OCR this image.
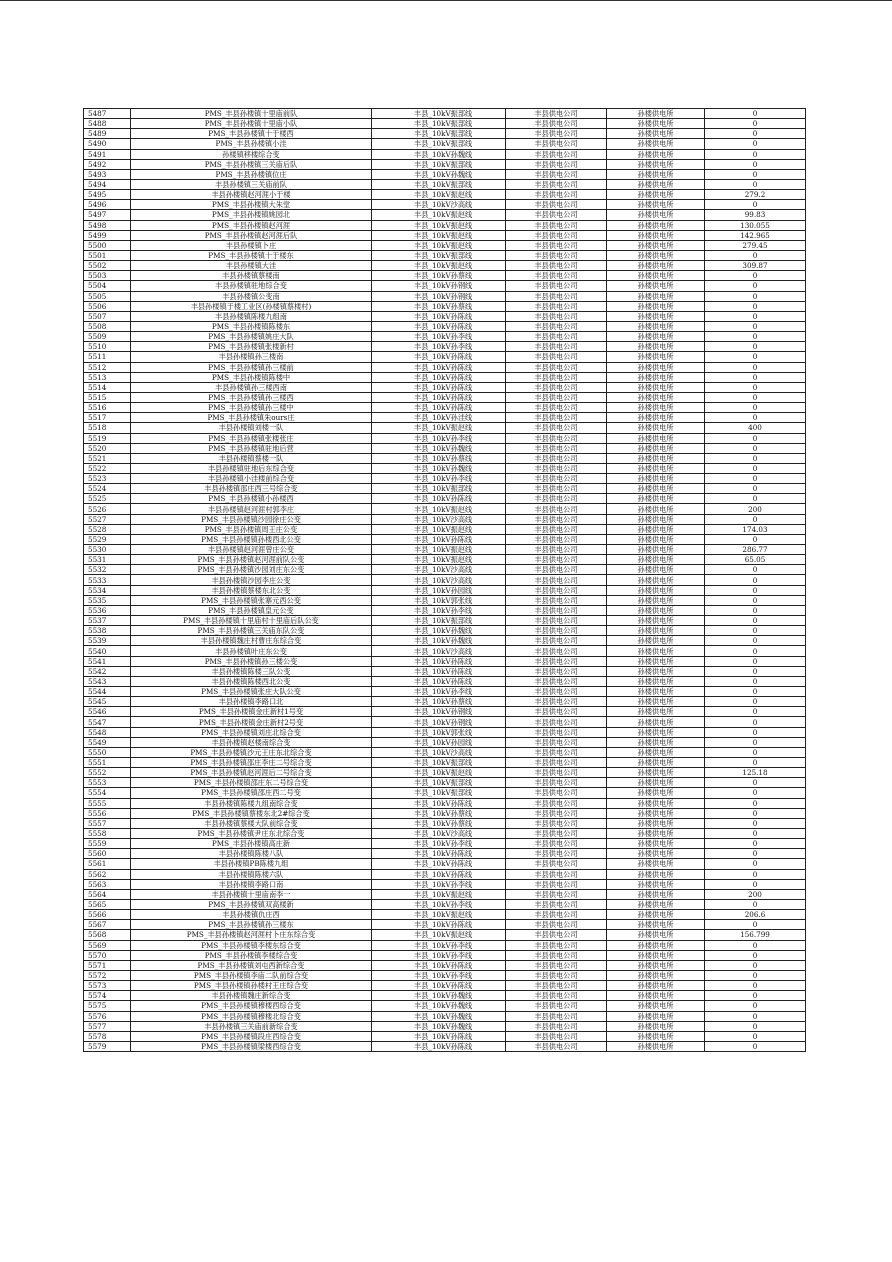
5487	PMS_丰县孙楼镇十里庙前队	丰县_10kV振部线	丰县供电公司	孙楼供电所	0
5488	PMS_丰县孙楼镇十里庙小队	丰县_10kV振部线	丰县供电公司	孙楼供电所	0
5489	PMS_丰县孙楼镇十于楼西	丰县_10kV振部线	丰县供电公司	孙楼供电所	0
5490	PMS_丰县孙楼镇小洼	丰县_10kV振部线	丰县供电公司	孙楼供电所	0
5491	孙楼镇移楼综合变	丰县_10kV孙魏线	丰县供电公司	孙楼供电所	0
5492	PMS_丰县孙楼镇三关庙后队	丰县_10kV振部线	丰县供电公司	孙楼供电所	0
5493	PMS_丰县孙楼镇位庄	丰县_10kV孙魏线	丰县供电公司	孙楼供电所	0
5494	丰县孙楼镇三关庙前队	丰县_10kV振部线	丰县供电公司	孙楼供电所	0
5495	丰县孙楼镇赵河涯小于楼	丰县_10kV振赵线	丰县供电公司	孙楼供电所	279.2
5496	PMS_丰县孙楼镇大朱堂	丰县_10kV沙高线	丰县供电公司	孙楼供电所	0
5497	PMS_丰县孙楼镇姚园北	丰县_10kV振赵线	丰县供电公司	孙楼供电所	99.83
5498	PMS_丰县孙楼镇赵河涯	丰县_10kV振赵线	丰县供电公司	孙楼供电所	130.055
5499	PMS_丰县孙楼镇赵河涯后队	丰县_10kV振赵线	丰县供电公司	孙楼供电所	142.965
5500	丰县孙楼镇卜庄	丰县_10kV振赵线	丰县供电公司	孙楼供电所	279.45
5501	PMS_丰县孙楼镇十于楼东	丰县_10kV振部线	丰县供电公司	孙楼供电所	0
5502	丰县孙楼镇大洼	丰县_10kV振赵线	丰县供电公司	孙楼供电所	309.87
5503	丰县孙楼镇蔡楼南	丰县_10kV孙蔡线	丰县供电公司	孙楼供电所	0
5504	丰县孙楼镇驻地综合变	丰县_10kV孙钢线	丰县供电公司	孙楼供电所	0
5505	丰县孙楼镇公变南	丰县_10kV孙钢线	丰县供电公司	孙楼供电所	0
5506	丰县孙楼镇于楼工业区(孙楼镇蔡楼村)	丰县_10kV孙蔡线	丰县供电公司	孙楼供电所	0
5507	丰县孙楼镇陈楼九组南	丰县_10kV孙陈线	丰县供电公司	孙楼供电所	0
5508	PMS_丰县孙楼镇陈楼东	丰县_10kV孙陈线	丰县供电公司	孙楼供电所	0
5509	PMS_丰县孙楼镇姚庄大队	丰县_10kV孙李线	丰县供电公司	孙楼供电所	0
5510	PMS_丰县孙楼镇张楼新村	丰县_10kV孙李线	丰县供电公司	孙楼供电所	0
5511	丰县孙楼镇孙三楼南	丰县_10kV孙陈线	丰县供电公司	孙楼供电所	0
5512	PMS_丰县孙楼镇孙三楼前	丰县_10kV孙陈线	丰县供电公司	孙楼供电所	0
5513	PMS_丰县孙楼镇陈楼中	丰县_10kV孙陈线	丰县供电公司	孙楼供电所	0
5514	丰县孙楼镇孙三楼西南	丰县_10kV孙陈线	丰县供电公司	孙楼供电所	0
5515	PMS_丰县孙楼镇孙三楼西	丰县_10kV孙陈线	丰县供电公司	孙楼供电所	0
5516	PMS_丰县孙楼镇孙三楼中	丰县_10kV孙陈线	丰县供电公司	孙楼供电所	0
5517	PMS_丰县孙楼镇朱ours庄	丰县_10kV孙洼线	丰县供电公司	孙楼供电所	0
5518	丰县孙楼镇刘楼一队	丰县_10kV振赵线	丰县供电公司	孙楼供电所	400
5519	PMS_丰县孙楼镇张楼张庄	丰县_10kV孙李线	丰县供电公司	孙楼供电所	0
5520	PMS_丰县孙楼镇驻地后营	丰县_10kV孙魏线	丰县供电公司	孙楼供电所	0
5521	丰县孙楼镇蔡楼一队	丰县_10kV孙蔡线	丰县供电公司	孙楼供电所	0
5522	丰县孙楼镇驻地后东综合变	丰县_10kV孙魏线	丰县供电公司	孙楼供电所	0
5523	丰县孙楼镇小洼楼前综合变	丰县_10kV孙李线	丰县供电公司	孙楼供电所	0
5524	丰县孙楼镇邵庄西三号综合变	丰县_10kV振部线	丰县供电公司	孙楼供电所	0
5525	PMS_丰县孙楼镇小孙楼西	丰县_10kV孙陈线	丰县供电公司	孙楼供电所	0
5526	丰县孙楼镇赵河涯村郭李庄	丰县_10kV振赵线	丰县供电公司	孙楼供电所	200
5527	PMS_丰县孙楼镇沙园徐庄公变	丰县_10kV沙高线	丰县供电公司	孙楼供电所	0
5528	PMS_丰县孙楼镇周王庄公变	丰县_10kV振赵线	丰县供电公司	孙楼供电所	174.03
5529	PMS_丰县孙楼镇孙楼西北公变	丰县_10kV孙陈线	丰县供电公司	孙楼供电所	0
5530	丰县孙楼镇赵河涯曾庄公变	丰县_10kV振赵线	丰县供电公司	孙楼供电所	286.77
5531	PMS_丰县孙楼镇赵河涯前队公变	丰县_10kV振赵线	丰县供电公司	孙楼供电所	65.05
5532	PMS_丰县孙楼镇沙园刘庄东公变	丰县_10kV沙高线	丰县供电公司	孙楼供电所	0
5533	丰县孙楼镇沙园李庄公变	丰县_10kV沙高线	丰县供电公司	孙楼供电所	0
5534	丰县孙楼镇蔡楼东北公变	丰县_10kV孙园线	丰县供电公司	孙楼供电所	0
5535	PMS_丰县孙楼镇张寨元西公变	丰县_10kV郭张线	丰县供电公司	孙楼供电所	0
5536	PMS_丰县孙楼镇皇元公变	丰县_10kV孙李线	丰县供电公司	孙楼供电所	0
5537	PMS_丰县孙楼镇十里庙村十里庙后队公变	丰县_10kV振部线	丰县供电公司	孙楼供电所	0
5538	PMS_丰县孙楼镇三关庙东队公变	丰县_10kV孙魏线	丰县供电公司	孙楼供电所	0
5539	丰县孙楼镇魏庄村曹庄东综合变	丰县_10kV孙魏线	丰县供电公司	孙楼供电所	0
5540	丰县孙楼镇叶庄东公变	丰县_10kV沙高线	丰县供电公司	孙楼供电所	0
5541	PMS_丰县孙楼镇孙三楼公变	丰县_10kV孙陈线	丰县供电公司	孙楼供电所	0
5542	丰县孙楼镇陈楼三队公变	丰县_10kV孙陈线	丰县供电公司	孙楼供电所	0
5543	丰县孙楼镇陈楼西北公变	丰县_10kV孙陈线	丰县供电公司	孙楼供电所	0
5544	PMS_丰县孙楼镇张庄大队公变	丰县_10kV孙李线	丰县供电公司	孙楼供电所	0
5545	丰县孙楼镇李路口北	丰县_10kV孙蔡线	丰县供电公司	孙楼供电所	0
5546	PMS_丰县孙楼镇金庄新村1号变	丰县_10kV孙钢线	丰县供电公司	孙楼供电所	0
5547	PMS_丰县孙楼镇金庄新村2号变	丰县_10kV孙钢线	丰县供电公司	孙楼供电所	0
5548	PMS_丰县孙楼镇刘庄北综合变	丰县_10kV郭张线	丰县供电公司	孙楼供电所	0
5549	丰县孙楼镇赵楼南综合变	丰县_10kV孙园线	丰县供电公司	孙楼供电所	0
5550	PMS_丰县孙楼镇沙元王庄东北综合变	丰县_10kV沙高线	丰县供电公司	孙楼供电所	0
5551	PMS_丰县孙楼镇邵庄李庄二号综合变	丰县_10kV振部线	丰县供电公司	孙楼供电所	0
5552	PMS_丰县孙楼镇赵河涯后二号综合变	丰县_10kV振赵线	丰县供电公司	孙楼供电所	125.18
5553	PMS_丰县孙楼镇邵庄东二号综合变	丰县_10kV振部线	丰县供电公司	孙楼供电所	0
5554	PMS_丰县孙楼镇邵庄西二号变	丰县_10kV振部线	丰县供电公司	孙楼供电所	0
5555	丰县孙楼镇陈楼九组南综合变	丰县_10kV孙陈线	丰县供电公司	孙楼供电所	0
5556	PMS_丰县孙楼镇蔡楼东北2#综合变	丰县_10kV孙蔡线	丰县供电公司	孙楼供电所	0
5557	丰县孙楼镇蔡楼大队前综合变	丰县_10kV孙蔡线	丰县供电公司	孙楼供电所	0
5558	PMS_丰县孙楼镇尹庄东北综合变	丰县_10kV沙高线	丰县供电公司	孙楼供电所	0
5559	PMS_丰县孙楼镇高庄新	丰县_10kV孙李线	丰县供电公司	孙楼供电所	0
5560	丰县孙楼镇陈楼八队	丰县_10kV孙陈线	丰县供电公司	孙楼供电所	0
5561	丰县孙楼镇PB陈楼九组	丰县_10kV孙陈线	丰县供电公司	孙楼供电所	0
5562	丰县孙楼镇陈楼六队	丰县_10kV孙陈线	丰县供电公司	孙楼供电所	0
5563	丰县孙楼镇李路口南	丰县_10kV孙李线	丰县供电公司	孙楼供电所	0
5564	丰县孙楼镇十里庙南李一	丰县_10kV振赵线	丰县供电公司	孙楼供电所	200
5565	PMS_丰县孙楼镇双高楼新	丰县_10kV孙李线	丰县供电公司	孙楼供电所	0
5566	丰县孙楼镇仇庄西	丰县_10kV振赵线	丰县供电公司	孙楼供电所	206.6
5567	PMS_丰县孙楼镇孙三楼东	丰县_10kV孙陈线	丰县供电公司	孙楼供电所	0
5568	PMS_丰县孙楼镇赵河涯村卜庄东综合变	丰县_10kV振赵线	丰县供电公司	孙楼供电所	156.799
5569	PMS_丰县孙楼镇李楼东综合变	丰县_10kV孙李线	丰县供电公司	孙楼供电所	0
5570	PMS_丰县孙楼镇李楼综合变	丰县_10kV孙李线	丰县供电公司	孙楼供电所	0
5571	PMS_丰县孙楼镇刘屯西新综合变	丰县_10kV孙陈线	丰县供电公司	孙楼供电所	0
5572	PMS_丰县孙楼镇李庙二队前综合变	丰县_10kV孙李线	丰县供电公司	孙楼供电所	0
5573	PMS_丰县孙楼镇孙楼村王庄综合变	丰县_10kV孙陈线	丰县供电公司	孙楼供电所	0
5574	丰县孙楼镇魏庄新综合变	丰县_10kV孙魏线	丰县供电公司	孙楼供电所	0
5575	PMS_丰县孙楼镇穆楼西综合变	丰县_10kV孙魏线	丰县供电公司	孙楼供电所	0
5576	PMS_丰县孙楼镇穆楼北综合变	丰县_10kV孙魏线	丰县供电公司	孙楼供电所	0
5577	丰县孙楼镇三关庙前新综合变	丰县_10kV孙魏线	丰县供电公司	孙楼供电所	0
5578	PMS_丰县孙楼镇段庄西综合变	丰县_10kV孙陈线	丰县供电公司	孙楼供电所	0
5579	PMS_丰县孙楼镇梁楼西综合变	丰县_10kV孙陈线	丰县供电公司	孙楼供电所	0
